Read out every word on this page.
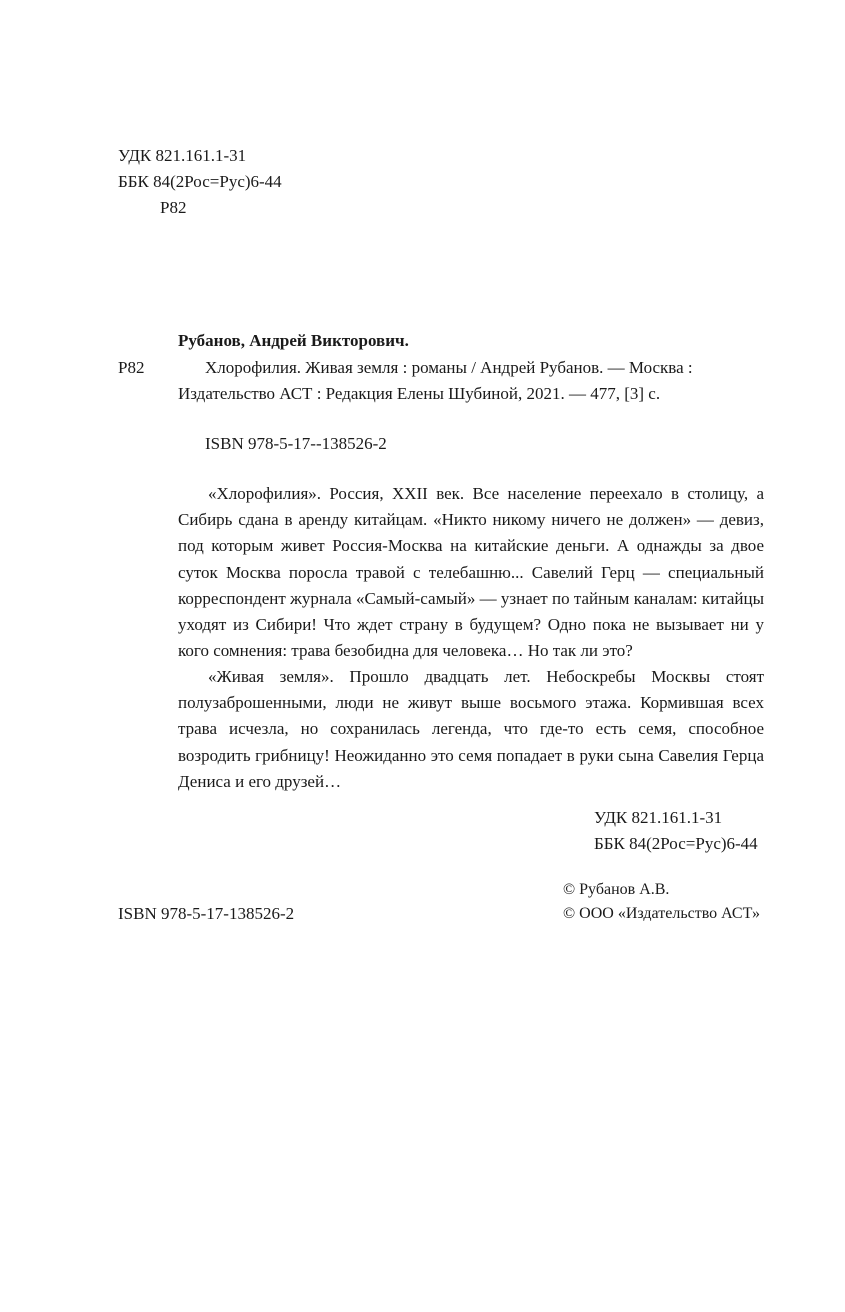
УДК 821.161.1-31
ББК 84(2Рос=Рус)6-44
Р82
Рубанов, Андрей Викторович.
Р82	Хлорофилия. Живая земля : романы / Андрей Рубанов. — Москва :
Издательство АСТ : Редакция Елены Шубиной, 2021. — 477, [3] с.
ISBN 978-5-17--138526-2
«Хлорофилия». Россия, XXII век. Все население переехало в столицу, а Сибирь сдана в аренду китайцам. «Никто никому ничего не должен» — девиз, под которым живет Россия-Москва на китайские деньги. А однажды за двое суток Москва поросла травой с телебашню... Савелий Герц — специальный корреспондент журнала «Самый-самый» — узнает по тайным каналам: китайцы уходят из Сибири! Что ждет страну в будущем? Одно пока не вызывает ни у кого сомнения: трава безобидна для человека… Но так ли это?
«Живая земля». Прошло двадцать лет. Небоскребы Москвы стоят полузаброшенными, люди не живут выше восьмого этажа. Кормившая всех трава исчезла, но сохранилась легенда, что где-то есть семя, способное возродить грибницу! Неожиданно это семя попадает в руки сына Савелия Герца Дениса и его друзей…
УДК 821.161.1-31
ББК 84(2Рос=Рус)6-44
© Рубанов А.В.
ISBN 978-5-17-138526-2	© ООО «Издательство АСТ»
